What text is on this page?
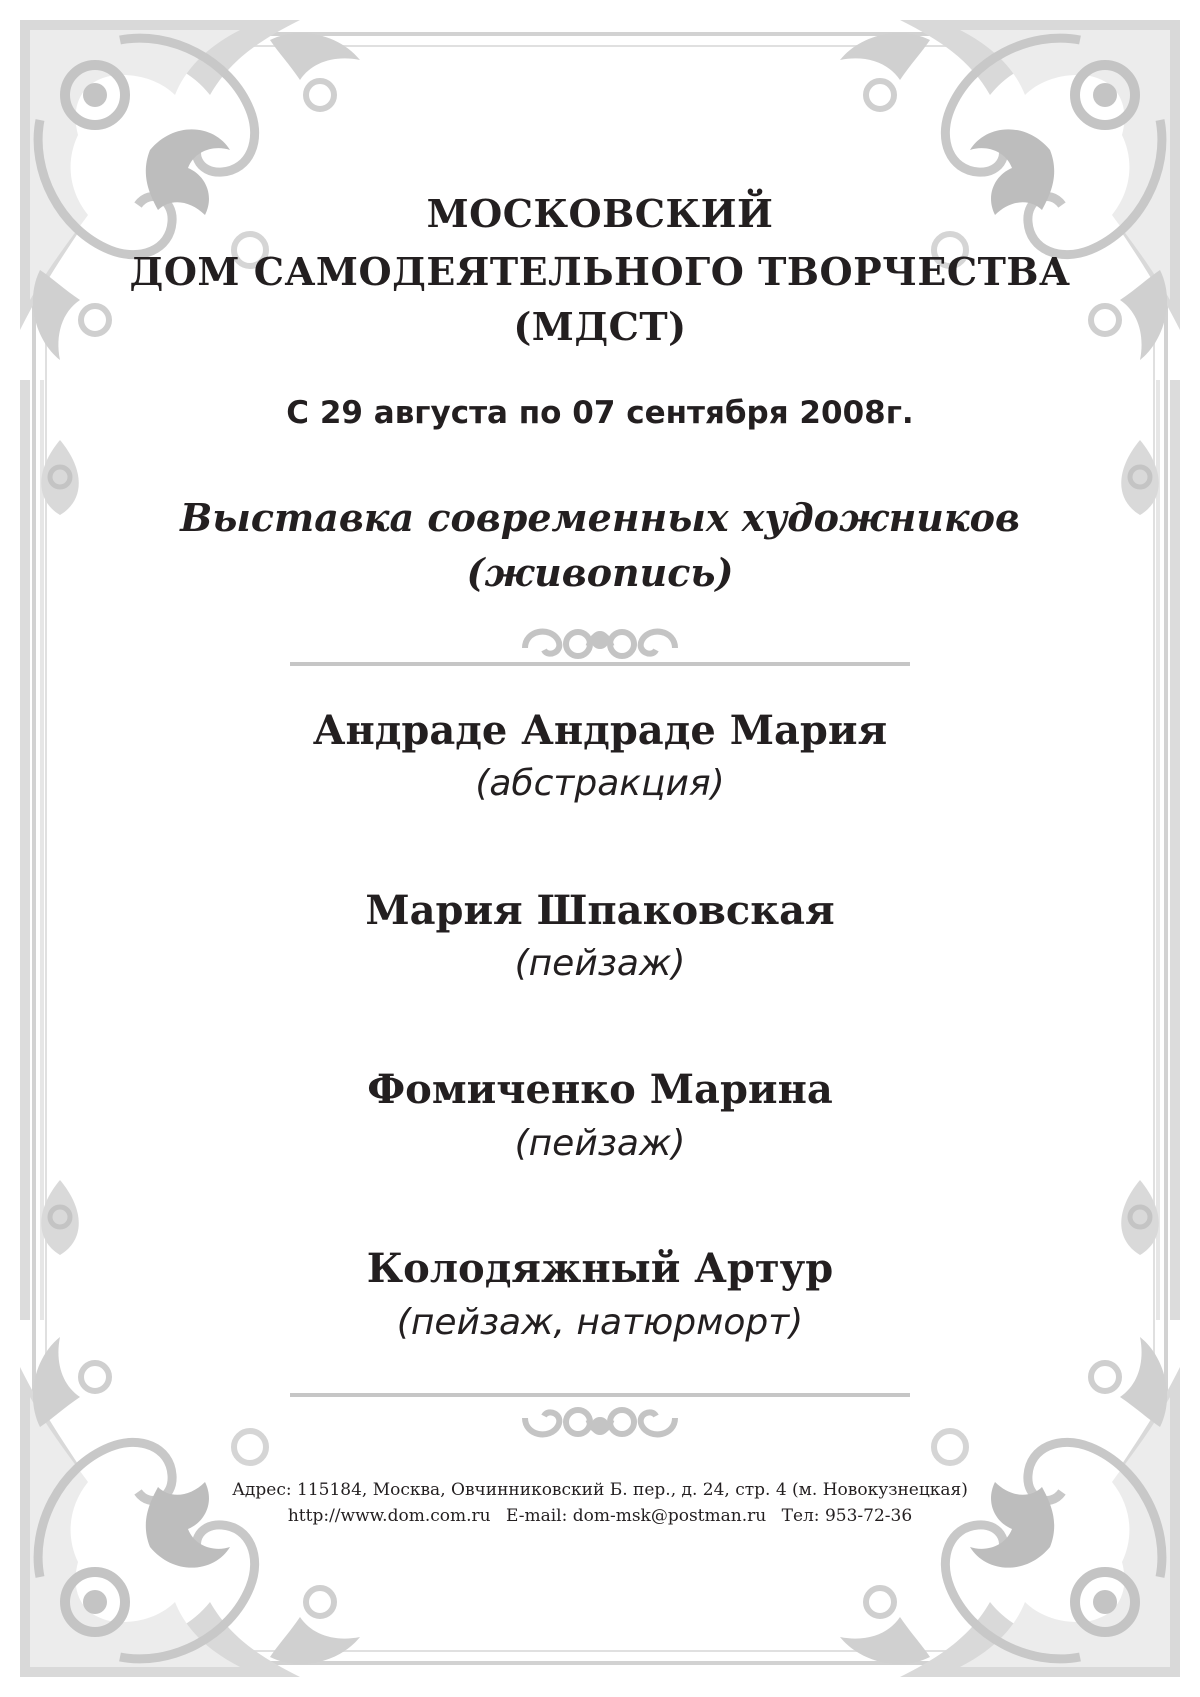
МОСКОВСКИЙ
ДОМ САМОДЕЯТЕЛЬНОГО ТВОРЧЕСТВА
(МДСТ)
С 29 августа по 07 сентября 2008г.
Выставка современных художников
(живопись)
Андраде Андраде Мария
(абстракция)
Мария Шпаковская
(пейзаж)
Фомиченко Марина
(пейзаж)
Колодяжный Артур
(пейзаж, натюрморт)
Адрес: 115184, Москва, Овчинниковский Б. пер., д. 24, стр. 4 (м. Новокузнецкая)
http://www.dom.com.ru E-mail: dom-msk@postman.ru Тел: 953-72-36
